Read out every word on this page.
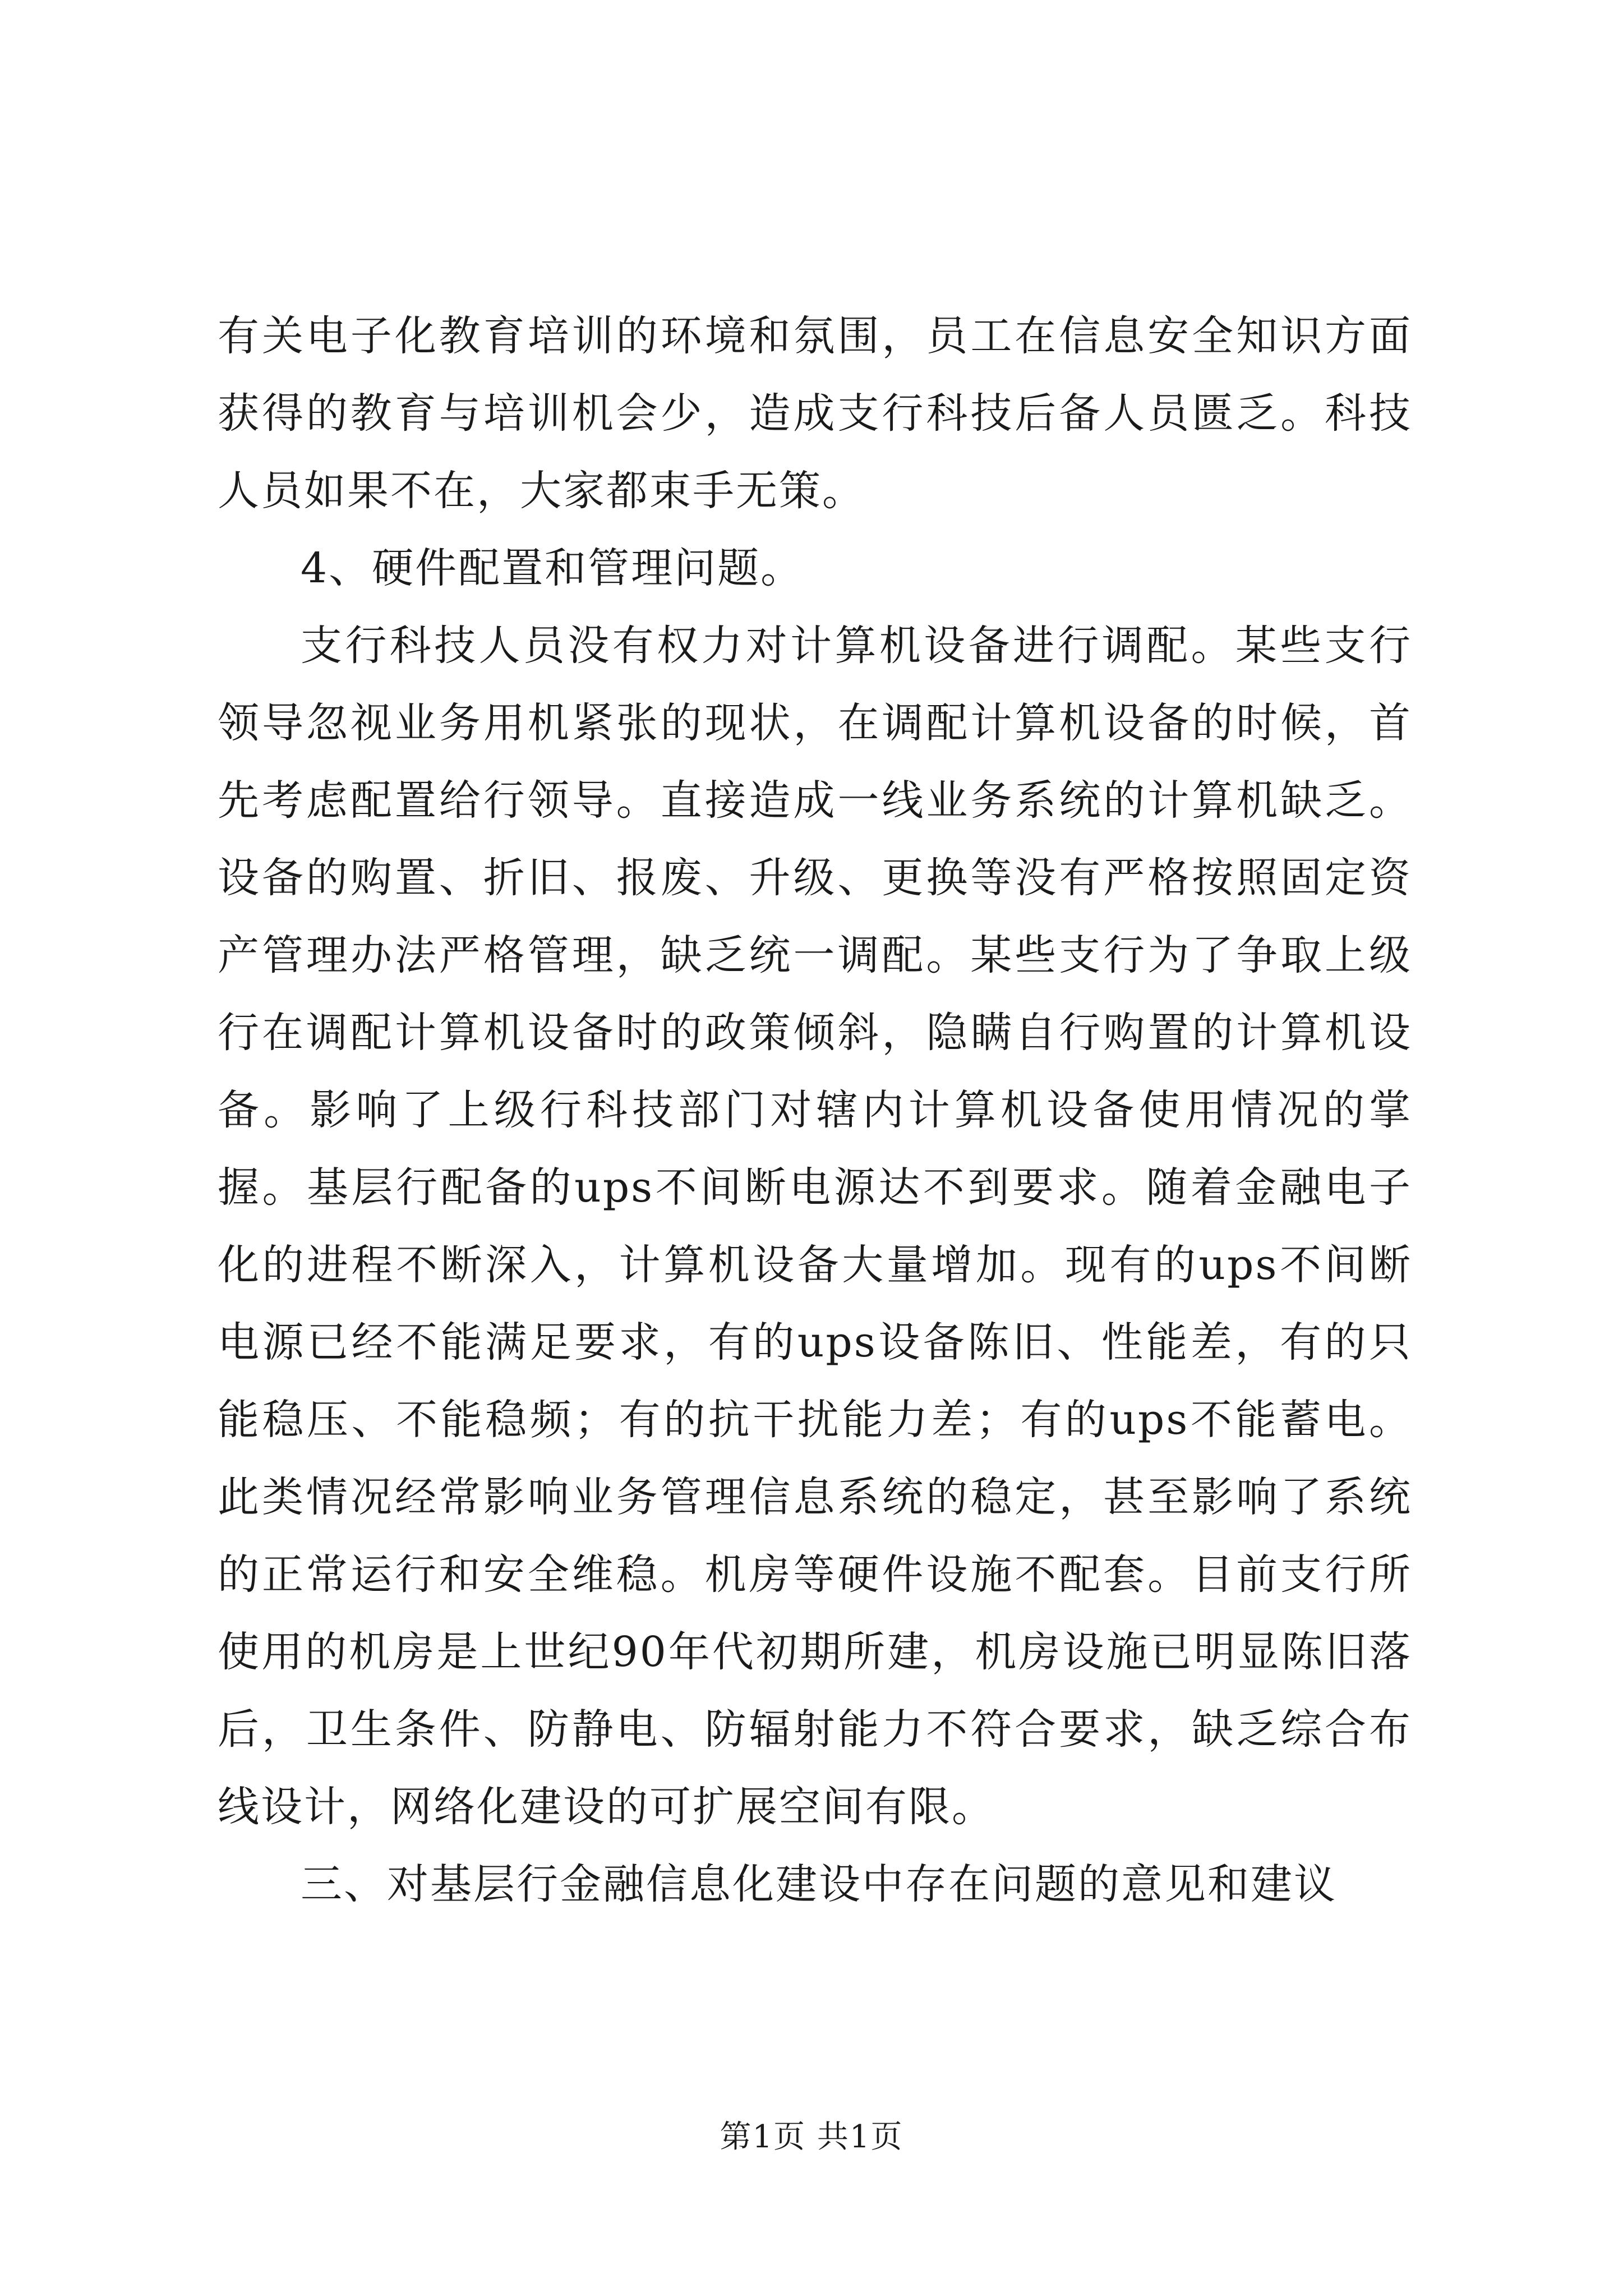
有关电子化教育培训的环境和氛围，员工在信息安全知识方面获得的教育与培训机会少，造成支行科技后备人员匮乏。科技人员如果不在，大家都束手无策。

4、硬件配置和管理问题。

支行科技人员没有权力对计算机设备进行调配。某些支行领导忽视业务用机紧张的现状，在调配计算机设备的时候，首先考虑配置给行领导。直接造成一线业务系统的计算机缺乏。设备的购置、折旧、报废、升级、更换等没有严格按照固定资产管理办法严格管理，缺乏统一调配。某些支行为了争取上级行在调配计算机设备时的政策倾斜，隐瞒自行购置的计算机设备。影响了上级行科技部门对辖内计算机设备使用情况的掌握。基层行配备的ups不间断电源达不到要求。随着金融电子化的进程不断深入，计算机设备大量增加。现有的ups不间断电源已经不能满足要求，有的ups设备陈旧、性能差，有的只能稳压、不能稳频；有的抗干扰能力差；有的ups不能蓄电。此类情况经常影响业务管理信息系统的稳定，甚至影响了系统的正常运行和安全维稳。机房等硬件设施不配套。目前支行所使用的机房是上世纪90年代初期所建，机房设施已明显陈旧落后，卫生条件、防静电、防辐射能力不符合要求，缺乏综合布线设计，网络化建设的可扩展空间有限。

三、对基层行金融信息化建设中存在问题的意见和建议

第1页 共1页
